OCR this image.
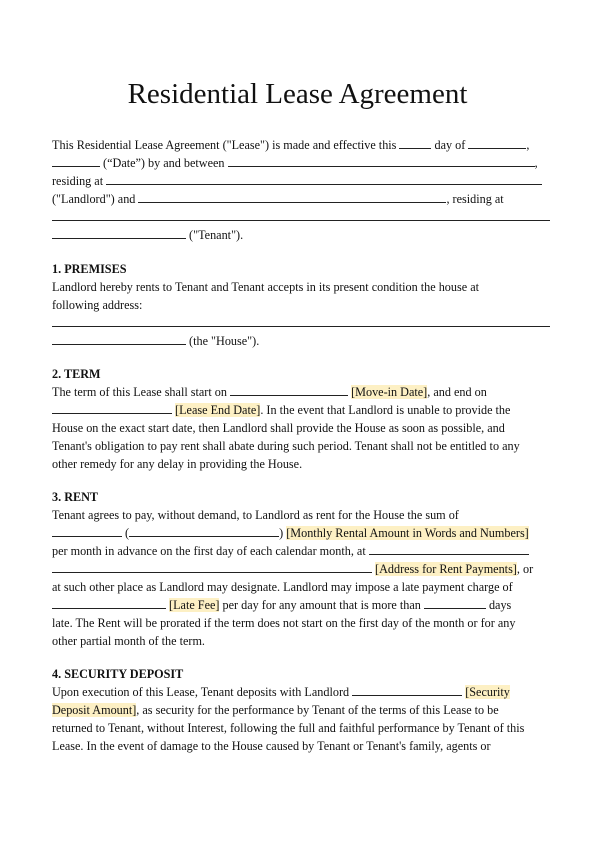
Residential Lease Agreement
This Residential Lease Agreement ("Lease") is made and effective this	day of	,
(“Date”) by and between	,
residing at
("Landlord") and	, residing at
("Tenant").
1. PREMISES
Landlord hereby rents to Tenant and Tenant accepts in its present condition the house at
following address:
(the "House").
2. TERM
The term of this Lease shall start on	[Move-in Date], and end on
[Lease End Date]. In the event that Landlord is unable to provide the
House on the exact start date, then Landlord shall provide the House as soon as possible, and
Tenant's obligation to pay rent shall abate during such period. Tenant shall not be entitled to any
other remedy for any delay in providing the House.
3. RENT
Tenant agrees to pay, without demand, to Landlord as rent for the House the sum of
(	) [Monthly Rental Amount in Words and Numbers]
per month in advance on the first day of each calendar month, at
[Address for Rent Payments], or
at such other place as Landlord may designate. Landlord may impose a late payment charge of
[Late Fee] per day for any amount that is more than	days
late. The Rent will be prorated if the term does not start on the first day of the month or for any
other partial month of the term.
4. SECURITY DEPOSIT
Upon execution of this Lease, Tenant deposits with Landlord	[Security
Deposit Amount], as security for the performance by Tenant of the terms of this Lease to be
returned to Tenant, without Interest, following the full and faithful performance by Tenant of this
Lease. In the event of damage to the House caused by Tenant or Tenant's family, agents or
